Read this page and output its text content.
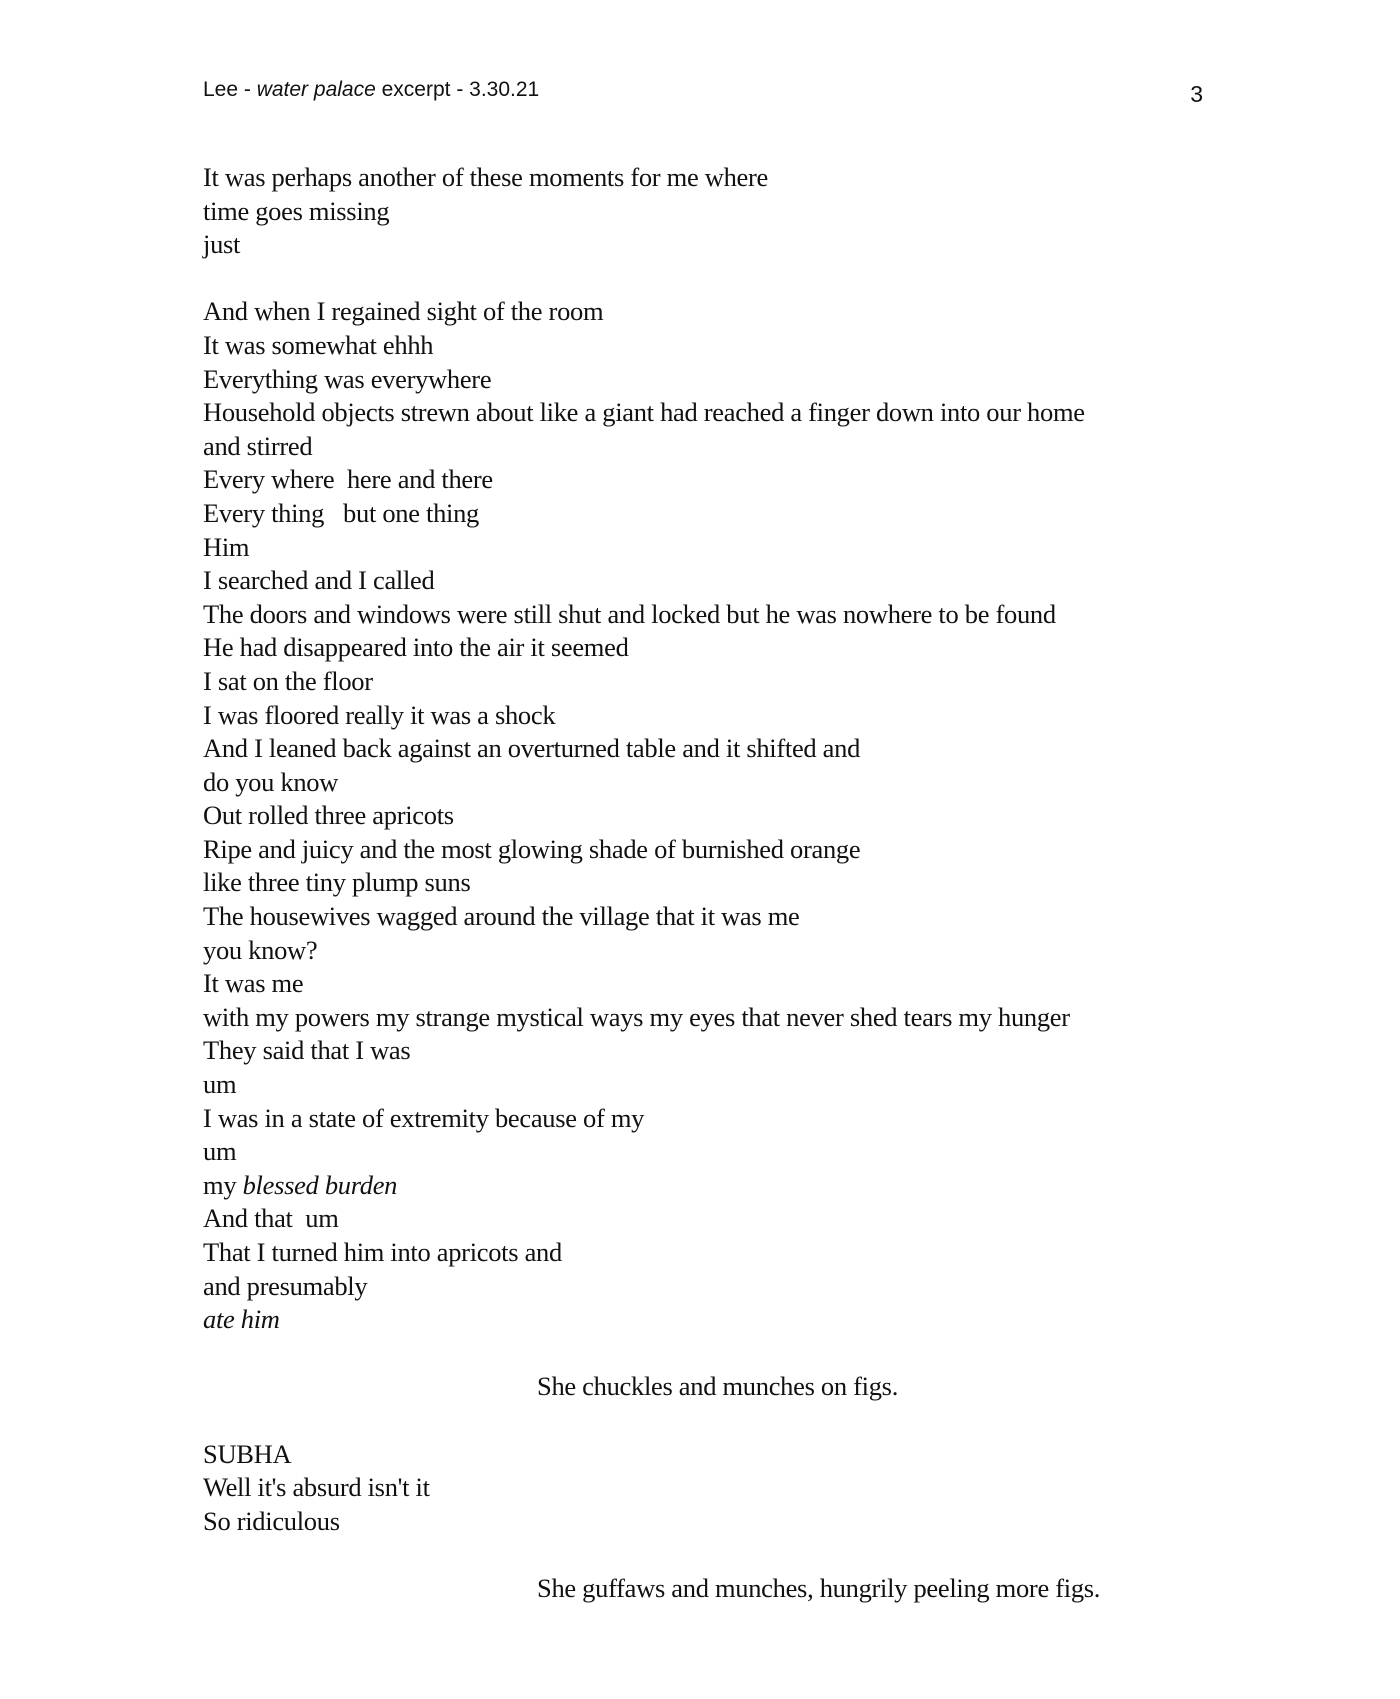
Lee - water palace excerpt - 3.30.21	3
It was perhaps another of these moments for me where
time goes missing
just
And when I regained sight of the room
It was somewhat ehhh
Everything was everywhere
Household objects strewn about like a giant had reached a finger down into our home
and stirred
Every where  here and there
Every thing   but one thing
Him
I searched and I called
The doors and windows were still shut and locked but he was nowhere to be found
He had disappeared into the air it seemed
I sat on the floor
I was floored really it was a shock
And I leaned back against an overturned table and it shifted and
do you know
Out rolled three apricots
Ripe and juicy and the most glowing shade of burnished orange
like three tiny plump suns
The housewives wagged around the village that it was me
you know?
It was me
with my powers my strange mystical ways my eyes that never shed tears my hunger
They said that I was
um
I was in a state of extremity because of my
um
my blessed burden
And that  um
That I turned him into apricots and
and presumably
ate him
She chuckles and munches on figs.
SUBHA
Well it's absurd isn't it
So ridiculous
She guffaws and munches, hungrily peeling more figs.
